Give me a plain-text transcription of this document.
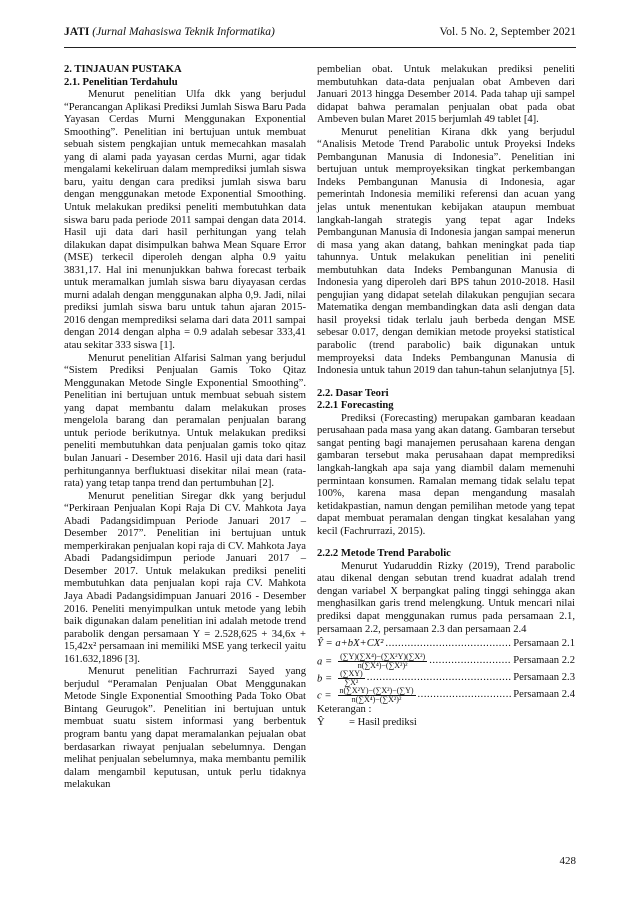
JATI (Jurnal Mahasiswa Teknik Informatika)	Vol. 5 No. 2, September 2021
2. TINJAUAN PUSTAKA
2.1. Penelitian Terdahulu

Menurut penelitian Ulfa dkk yang berjudul “Perancangan Aplikasi Prediksi Jumlah Siswa Baru Pada Yayasan Cerdas Murni Menggunakan Exponential Smoothing”. Penelitian ini bertujuan untuk membuat sebuah sistem pengkajian untuk memecahkan masalah yang di alami pada yayasan cerdas Murni, agar tidak mengalami kekeliruan dalam memprediksi jumlah siswa baru, yaitu dengan cara prediksi jumlah siswa baru dengan menggunakan metode Exponential Smoothing. Untuk melakukan prediksi peneliti membutuhkan data siswa baru pada periode 2011 sampai dengan data 2014. Hasil uji data dari hasil perhitungan yang telah dilakukan dapat disimpulkan bahwa Mean Square Error (MSE) terkecil diperoleh dengan alpha 0.9 yaitu 3831,17. Hal ini menunjukkan bahwa forecast terbaik untuk meramalkan jumlah siswa baru diyayasan cerdas murni adalah dengan menggunakan alpha 0,9. Jadi, nilai prediksi jumlah siswa baru untuk tahun ajaran 2015-2016 dengan memprediksi selama dari data 2011 sampai dengan 2014 dengan alpha = 0.9 adalah sebesar 333,41 atau sekitar 333 siswa [1].

Menurut penelitian Alfarisi Salman yang berjudul “Sistem Prediksi Penjualan Gamis Toko Qitaz Menggunakan Metode Single Exponential Smoothing”. Penelitian ini bertujuan untuk membuat sebuah sistem yang dapat membantu dalam melakukan proses mengelola barang dan peramalan penjualan barang untuk periode berikutnya. Untuk melakukan prediksi peneliti membutuhkan data penjualan gamis toko qitaz bulan Januari - Desember 2016. Hasil uji data dari hasil perhitungannya berfluktuasi disekitar nilai mean (rata-rata) yang tetap tanpa trend dan pertumbuhan [2].

Menurut penelitian Siregar dkk yang berjudul “Perkiraan Penjualan Kopi Raja Di CV. Mahkota Jaya Abadi Padangsidimpuan Periode Januari 2017 – Desember 2017”. Penelitian ini bertujuan untuk memperkirakan penjualan kopi raja di CV. Mahkota Jaya Abadi Padangsidimpun periode Januari 2017 – Desember 2017. Untuk melakukan prediksi peneliti membutuhkan data penjualan kopi raja CV. Mahkota Jaya Abadi Padangsidimpuan Januari 2016 - Desember 2016. Peneliti menyimpulkan untuk metode yang lebih baik digunakan dalam penelitian ini adalah metode trend parabolik dengan persamaan Y = 2.528,625 + 34,6x + 15,42x² persamaan ini memiliki MSE yang terkecil yaitu 161.632,1896 [3].

Menurut penelitian Fachrurrazi Sayed yang berjudul “Peramalan Penjualan Obat Menggunakan Metode Single Exponential Smoothing Pada Toko Obat Bintang Geurugok”. Penelitian ini bertujuan untuk membuat suatu sistem informasi yang berbentuk program bantu yang dapat meramalankan pejualan obat berdasarkan riwayat penjualan sebelumnya. Dengan melihat penjualan sebelumnya, maka membantu pemilik dalam mengambil keputusan, untuk perlu tidaknya melakukan

pembelian obat. Untuk melakukan prediksi peneliti membutuhkan data-data penjualan obat Ambeven dari Januari 2013 hingga Desember 2014. Pada tahap uji sampel didapat bahwa peramalan penjualan obat pada obat Ambeven bulan Maret 2015 berjumlah 49 tablet [4].

Menurut penelitian Kirana dkk yang berjudul “Analisis Metode Trend Parabolic untuk Proyeksi Indeks Pembangunan Manusia di Indonesia”. Penelitian ini bertujuan untuk memproyeksikan tingkat perkembangan Indeks Pembangunan Manusia di Indonesia, agar pemerintah Indonesia memiliki referensi dan acuan yang jelas untuk menentukan kebijakan ataupun membuat langkah-langah strategis yang tepat agar Indeks Pembangunan Manusia di Indonesia jangan sampai menerun di masa yang akan datang, bahkan meningkat pada tiap tahunnya. Untuk melakukan penelitian ini peneliti membutuhkan data Indeks Pembangunan Manusia di Indonesia yang diperoleh dari BPS tahun 2010-2018. Hasil pengujian yang didapat setelah dilakukan pengujian secara Matematika dengan membandingkan data asli dengan data hasil proyeksi tidak terlalu jauh berbeda dengan MSE sebesar 0.017, dengan demikian metode proyeksi statistical parabolic (trend parabolic) baik digunakan untuk memproyeksi data Indeks Pembangunan Manusia di Indonesia untuk tahun 2019 dan tahun-tahun selanjutnya [5].

2.2. Dasar Teori
2.2.1 Forecasting

Prediksi (Forecasting) merupakan gambaran keadaan perusahaan pada masa yang akan datang. Gambaran tersebut sangat penting bagi manajemen perusahaan karena dengan gambaran tersebut maka perusahaan dapat memprediksi langkah-langkah apa saja yang diambil dalam memenuhi permintaan konsumen. Ramalan memang tidak selalu tepat 100%, karena masa depan mengandung masalah ketidakpastian, namun dengan pemilihan metode yang tepat dapat membuat peramalan dengan tingkat kesalahan yang kecil (Fachrurrazi, 2015).

2.2.2 Metode Trend Parabolic

Menurut Yudaruddin Rizky (2019), Trend parabolic atau dikenal dengan sebutan trend kuadrat adalah trend dengan variabel X berpangkat paling tinggi sehingga akan menghasilkan garis trend melengkung. Untuk mencari nilai prediksi dapat menggunakan rumus pada persamaan 2.1, persamaan 2.2, persamaan 2.3 dan persamaan 2.4

Ŷ = a+bX+CX² .....	Persamaan 2.1
$a = \frac{\text{(∑Y)(∑X⁴)−(∑X²Y)(∑X²)}}{\text{n(∑X⁴)−(∑X²)²}}$ .....	Persamaan 2.2
$b = \frac{(\sum XY)}{\text{∑X²}}$ .....	Persamaan 2.3
$c = \frac{\text{n(∑X²Y)−(∑X²)−(∑Y)}}{\text{n(∑X⁴)−(∑X²)²}}$ .....	Persamaan 2.4
Keterangan :
Ŷ	= Hasil prediksi
428
